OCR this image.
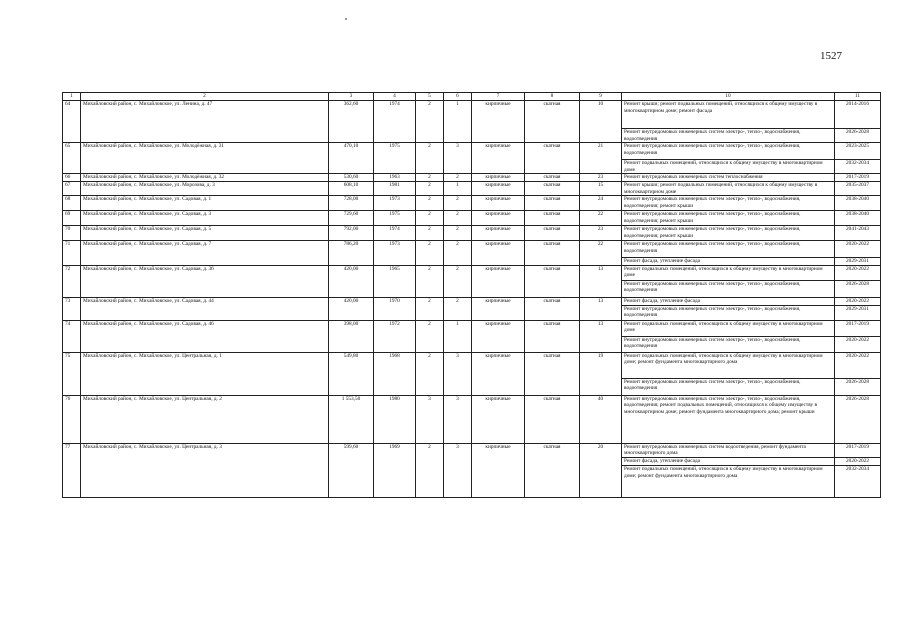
1527
1	2	3	4	5	6	7	8	9	10	11
64	Михайловский район, с. Михайловское, ул. Ленина, д. 47	362,60	1974	2	1	кирпичные	скатная	10	Ремонт крыши; ремонт подвальных помещений, относящихся к общему имуществу в многоквартирном доме; ремонт фасада	2014-2016
									Ремонт внутридомовых инженерных систем электро-, тепло-, водоснабжения, водоотведения	2026-2028
65	Михайловский район, с. Михайловское, ул. Молодёжная, д. 31	470,10	1975	2	3	кирпичные	скатная	21	Ремонт внутридомовых инженерных систем электро-, тепло-, водоснабжения, водоотведения	2023-2025
									Ремонт подвальных помещений, относящихся к общему имуществу в многоквартирном доме	2032-2034
66	Михайловский район, с. Михайловское, ул. Молодёжная, д. 32	530,60	1963	2	2	кирпичные	скатная	23	Ремонт внутридомовых инженерных систем теплоснабжения	2017-2019
67	Михайловский район, с. Михайловское, ул. Морозова, д. 3	608,10	1981	2	1	кирпичные	скатная	15	Ремонт крыши; ремонт подвальных помещений, относящихся к общему имуществу в многоквартирном доме	2035-2037
68	Михайловский район, с. Михайловское, ул. Садовая, д. 1	728,00	1973	2	2	кирпичные	скатная	24	Ремонт внутридомовых инженерных систем электро-, тепло-, водоснабжения, водоотведения; ремонт крыши	2038-2040
69	Михайловский район, с. Михайловское, ул. Садовая, д. 3	729,60	1975	2	2	кирпичные	скатная	22	Ремонт внутридомовых инженерных систем электро-, тепло-, водоснабжения, водоотведения; ремонт крыши	2038-2040
70	Михайловский район, с. Михайловское, ул. Садовая, д. 5	792,00	1974	2	2	кирпичные	скатная	23	Ремонт внутридомовых инженерных систем электро-, тепло-, водоснабжения, водоотведения; ремонт крыши	2041-2043
71	Михайловский район, с. Михайловское, ул. Садовая, д. 7	786,20	1973	2	2	кирпичные	скатная	22	Ремонт внутридомовых инженерных систем электро-, тепло-, водоснабжения, водоотведения	2020-2022
									Ремонт фасада, утепление фасада	2029-2031
72	Михайловский район, с. Михайловское, ул. Садовая, д. 36	420,00	1965	2	2	кирпичные	скатная	13	Ремонт подвальных помещений, относящихся к общему имуществу в многоквартирном доме	2020-2022
									Ремонт внутридомовых инженерных систем электро-, тепло-, водоснабжения, водоотведения	2026-2028
73	Михайловский район, с. Михайловское, ул. Садовая, д. 44	420,00	1970	2	2	кирпичные	скатная	13	Ремонт фасада, утепление фасада	2020-2022
									Ремонт внутридомовых инженерных систем электро-, тепло-, водоснабжения, водоотведения	2029-2031
74	Михайловский район, с. Михайловское, ул. Садовая, д. 46	398,00	1972	2	1	кирпичные	скатная	13	Ремонт подвальных помещений, относящихся к общему имуществу в многоквартирном доме	2017-2019
									Ремонт внутридомовых инженерных систем электро-, тепло-, водоснабжения, водоотведения	2020-2022
75	Михайловский район, с. Михайловское, ул. Центральная, д. 1	549,80	1968	2	3	кирпичные	скатная	19	Ремонт подвальных помещений, относящихся к общему имуществу в многоквартирном доме; ремонт фундамента многоквартирного дома	2020-2022
									Ремонт внутридомовых инженерных систем электро-, тепло-, водоснабжения, водоотведения	2026-2028
76	Михайловский район, с. Михайловское, ул. Центральная, д. 2	1 553,50	1980	3	3	кирпичные	скатная	40	Ремонт внутридомовых инженерных систем электро-, тепло-, водоснабжения, водоотведения; ремонт подвальных помещений, относящихся к общему имуществу в многоквартирном доме; ремонт фундамента многоквартирного дома; ремонт крыши	2026-2028
77	Михайловский район, с. Михайловское, ул. Центральная, д. 3	599,60	1969	2	3	кирпичные	скатная	20	Ремонт внутридомовых инженерных систем водоотведения, ремонт фундамента многоквартирного дома	2017-2019
									Ремонт фасада, утепление фасада	2020-2022
									Ремонт подвальных помещений, относящихся к общему имуществу в многоквартирном доме; ремонт фундамента многоквартирного дома	2032-2034
